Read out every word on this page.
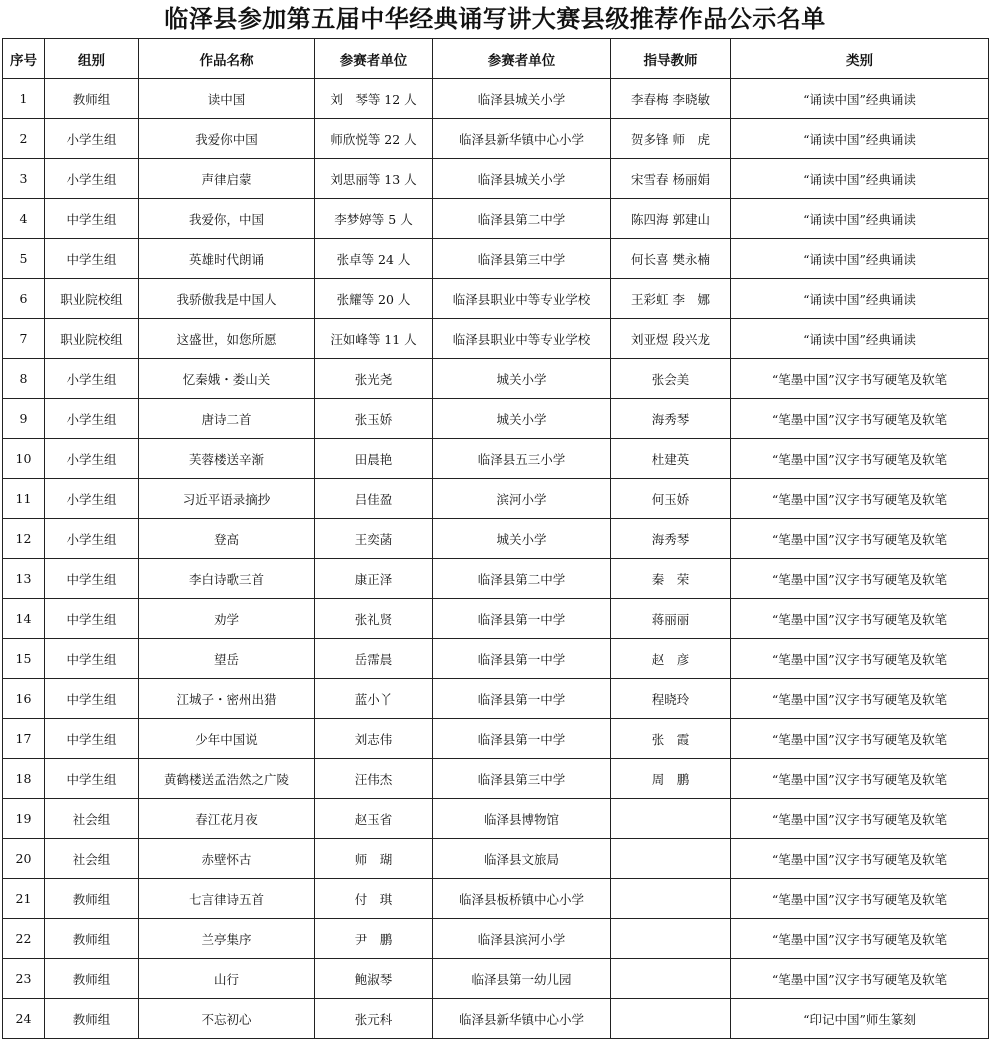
临泽县参加第五届中华经典诵写讲大赛县级推荐作品公示名单
序号	组别	作品名称	参赛者单位	参赛者单位	指导教师	类别
1	教师组	读中国	刘　琴等 12 人	临泽县城关小学	李春梅 李晓敏	“诵读中国”经典诵读
2	小学生组	我爱你中国	师欣悦等 22 人	临泽县新华镇中心小学	贺多锋 师　虎	“诵读中国”经典诵读
3	小学生组	声律启蒙	刘思丽等 13 人	临泽县城关小学	宋雪春 杨丽娟	“诵读中国”经典诵读
4	中学生组	我爱你，中国	李梦婷等 5 人	临泽县第二中学	陈四海 郭建山	“诵读中国”经典诵读
5	中学生组	英雄时代朗诵	张卓等 24 人	临泽县第三中学	何长喜 樊永楠	“诵读中国”经典诵读
6	职业院校组	我骄傲我是中国人	张耀等 20 人	临泽县职业中等专业学校	王彩虹 李　娜	“诵读中国”经典诵读
7	职业院校组	这盛世，如您所愿	汪如峰等 11 人	临泽县职业中等专业学校	刘亚煜 段兴龙	“诵读中国”经典诵读
8	小学生组	忆秦娥・娄山关	张光尧	城关小学	张会美	“笔墨中国”汉字书写硬笔及软笔
9	小学生组	唐诗二首	张玉娇	城关小学	海秀琴	“笔墨中国”汉字书写硬笔及软笔
10	小学生组	芙蓉楼送辛渐	田晨艳	临泽县五三小学	杜建英	“笔墨中国”汉字书写硬笔及软笔
11	小学生组	习近平语录摘抄	吕佳盈	滨河小学	何玉娇	“笔墨中国”汉字书写硬笔及软笔
12	小学生组	登高	王奕菡	城关小学	海秀琴	“笔墨中国”汉字书写硬笔及软笔
13	中学生组	李白诗歌三首	康正泽	临泽县第二中学	秦　荣	“笔墨中国”汉字书写硬笔及软笔
14	中学生组	劝学	张礼贤	临泽县第一中学	蒋丽丽	“笔墨中国”汉字书写硬笔及软笔
15	中学生组	望岳	岳霈晨	临泽县第一中学	赵　彦	“笔墨中国”汉字书写硬笔及软笔
16	中学生组	江城子・密州出猎	蓝小丫	临泽县第一中学	程晓玲	“笔墨中国”汉字书写硬笔及软笔
17	中学生组	少年中国说	刘志伟	临泽县第一中学	张　霞	“笔墨中国”汉字书写硬笔及软笔
18	中学生组	黄鹤楼送孟浩然之广陵	汪伟杰	临泽县第三中学	周　鹏	“笔墨中国”汉字书写硬笔及软笔
19	社会组	春江花月夜	赵玉省	临泽县博物馆		“笔墨中国”汉字书写硬笔及软笔
20	社会组	赤壁怀古	师　瑚	临泽县文旅局		“笔墨中国”汉字书写硬笔及软笔
21	教师组	七言律诗五首	付　琪	临泽县板桥镇中心小学		“笔墨中国”汉字书写硬笔及软笔
22	教师组	兰亭集序	尹　鹏	临泽县滨河小学		“笔墨中国”汉字书写硬笔及软笔
23	教师组	山行	鲍淑琴	临泽县第一幼儿园		“笔墨中国”汉字书写硬笔及软笔
24	教师组	不忘初心	张元科	临泽县新华镇中心小学		“印记中国”师生篆刻
